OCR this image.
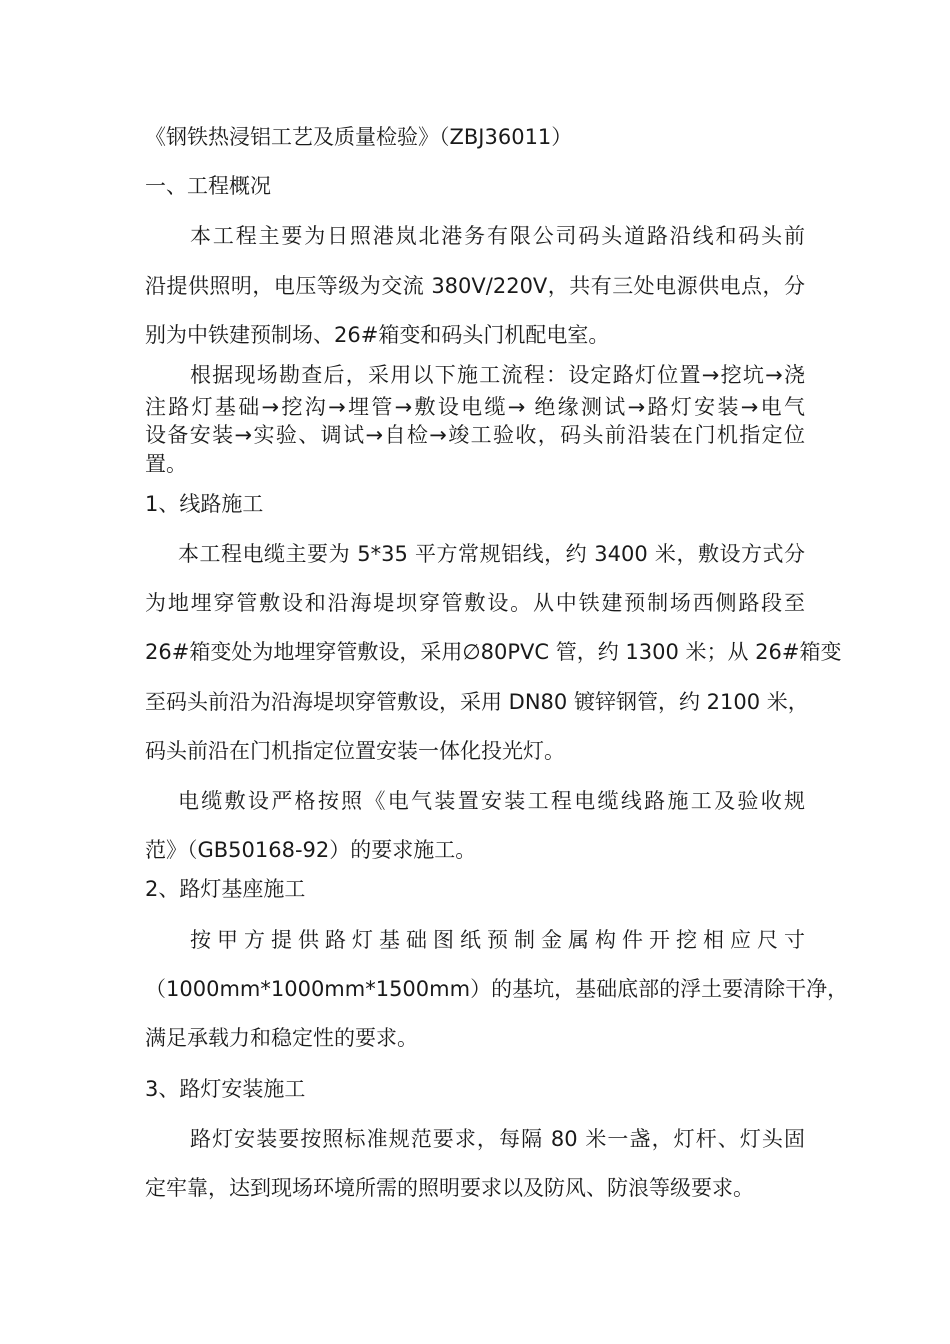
《钢铁热浸铝工艺及质量检验》（ZBJ36011）
一、工程概况
本工程主要为日照港岚北港务有限公司码头道路沿线和码头前
沿提供照明，电压等级为交流 380V/220V，共有三处电源供电点，分
别为中铁建预制场、26#箱变和码头门机配电室。
根据现场勘查后，采用以下施工流程：设定路灯位置→挖坑→浇
注路灯基础→挖沟→埋管→敷设电缆→ 绝缘测试→路灯安装→电气
设备安装→实验、调试→自检→竣工验收，码头前沿装在门机指定位
置。
1、线路施工
本工程电缆主要为 5*35 平方常规铝线，约 3400 米，敷设方式分
为地埋穿管敷设和沿海堤坝穿管敷设。从中铁建预制场西侧路段至
26#箱变处为地埋穿管敷设，采用∅80PVC 管，约 1300 米；从 26#箱变
至码头前沿为沿海堤坝穿管敷设，采用 DN80 镀锌钢管，约 2100 米，
码头前沿在门机指定位置安装一体化投光灯。
电缆敷设严格按照《电气装置安装工程电缆线路施工及验收规
范》（GB50168-92）的要求施工。
2、路灯基座施工
按甲方提供路灯基础图纸预制金属构件开挖相应尺寸
（1000mm*1000mm*1500mm）的基坑，基础底部的浮土要清除干净，
满足承载力和稳定性的要求。
3、路灯安装施工
路灯安装要按照标准规范要求，每隔 80 米一盏，灯杆、灯头固
定牢靠，达到现场环境所需的照明要求以及防风、防浪等级要求。
